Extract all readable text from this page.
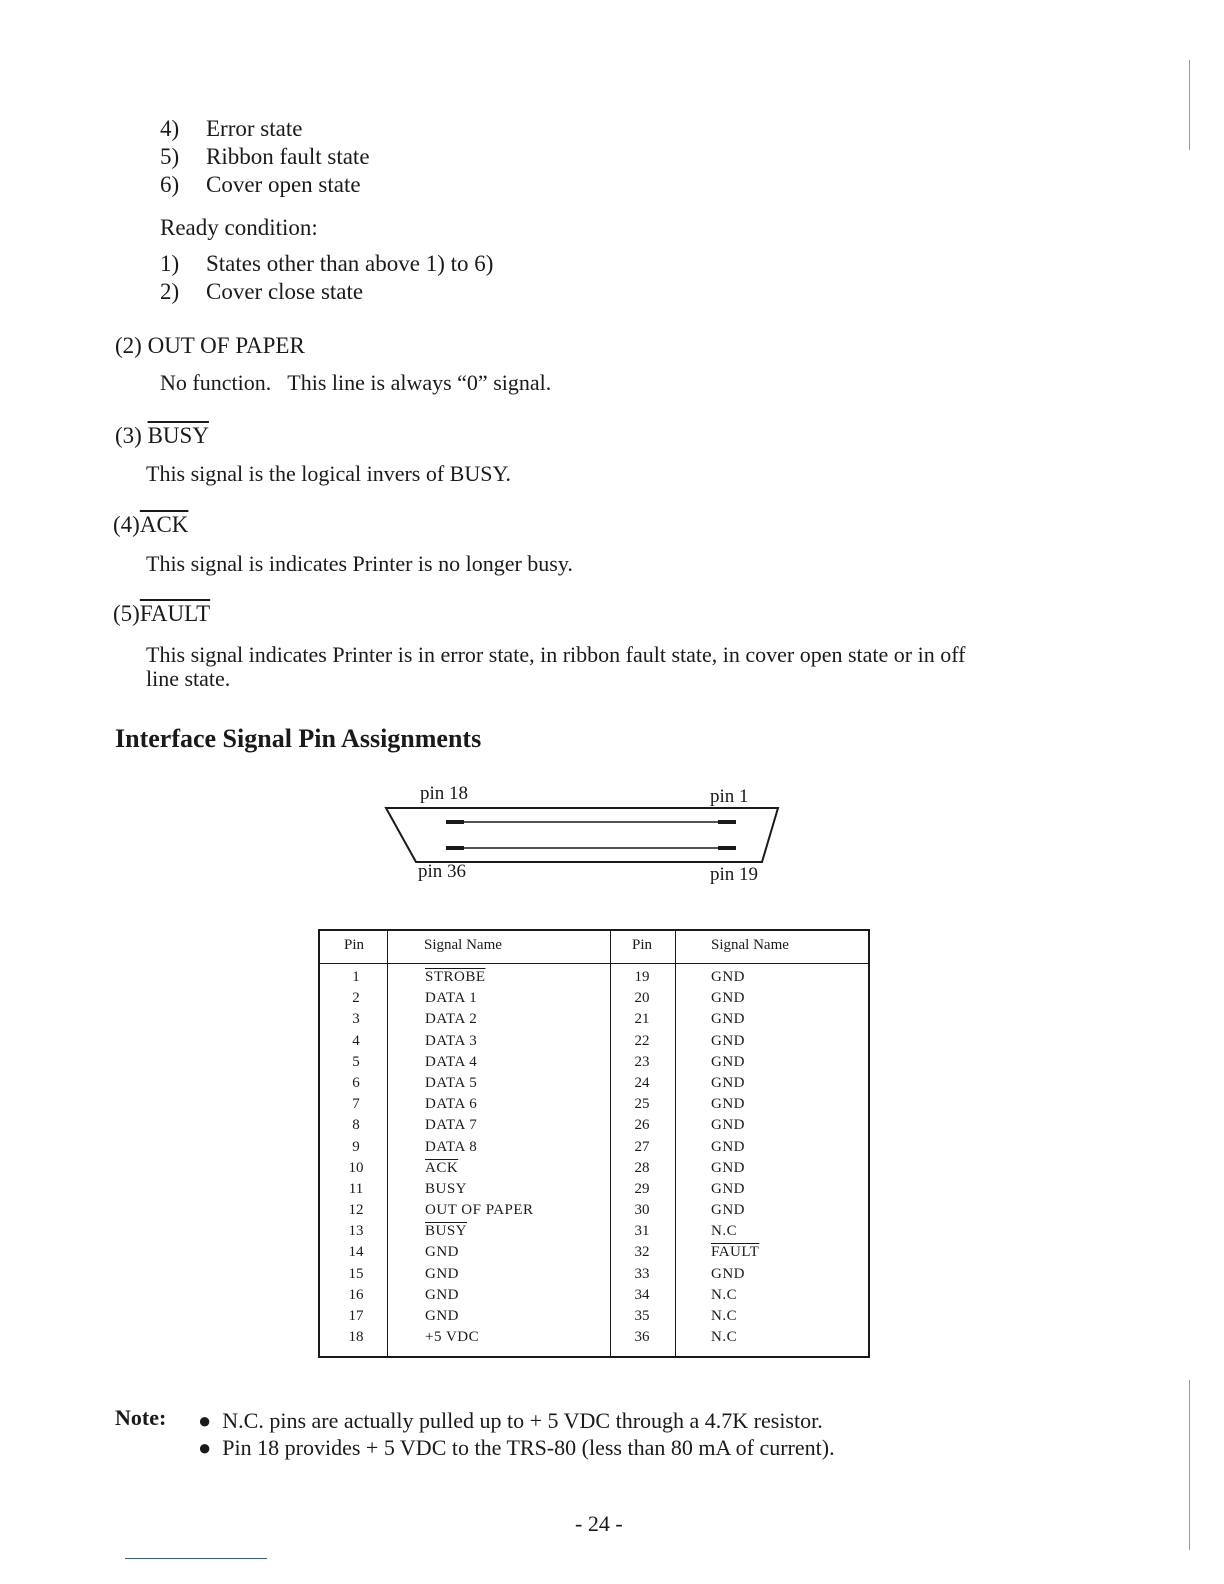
4) Error state
5) Ribbon fault state
6) Cover open state
Ready condition:
1) States other than above 1) to 6)
2) Cover close state
(2) OUT OF PAPER
No function.   This line is always “0” signal.
(3) BUSY
This signal is the logical invers of BUSY.
$(4)\overline{ACK}$
This signal is indicates Printer is no longer busy.
(5)FAULT
This signal indicates Printer is in error state, in ribbon fault state, in cover open state or in off
line state.
Interface Signal Pin Assignments
pin 18	pin 1
pin 36	pin 19
Pin	Signal Name	Pin	Signal Name
1	STROBE	19	GND
2	DATA 1	20	GND
3	DATA 2	21	GND
4	DATA 3	22	GND
5	DATA 4	23	GND
6	DATA 5	24	GND
7	DATA 6	25	GND
8	DATA 7	26	GND
9	DATA 8	27	GND
10	$\overline{ACK}$	28	GND
11	BUSY	29	GND
12	OUT OF PAPER	30	GND
13	BUSY	31	N.C
14	GND	32	FAULT
15	GND	33	GND
16	GND	34	N.C
17	GND	35	N.C
18	+5 VDC	36	N.C
Note: ● N.C. pins are actually pulled up to + 5 VDC through a 4.7K resistor.
● Pin 18 provides + 5 VDC to the TRS-80 (less than 80 mA of current).
- 24 -
